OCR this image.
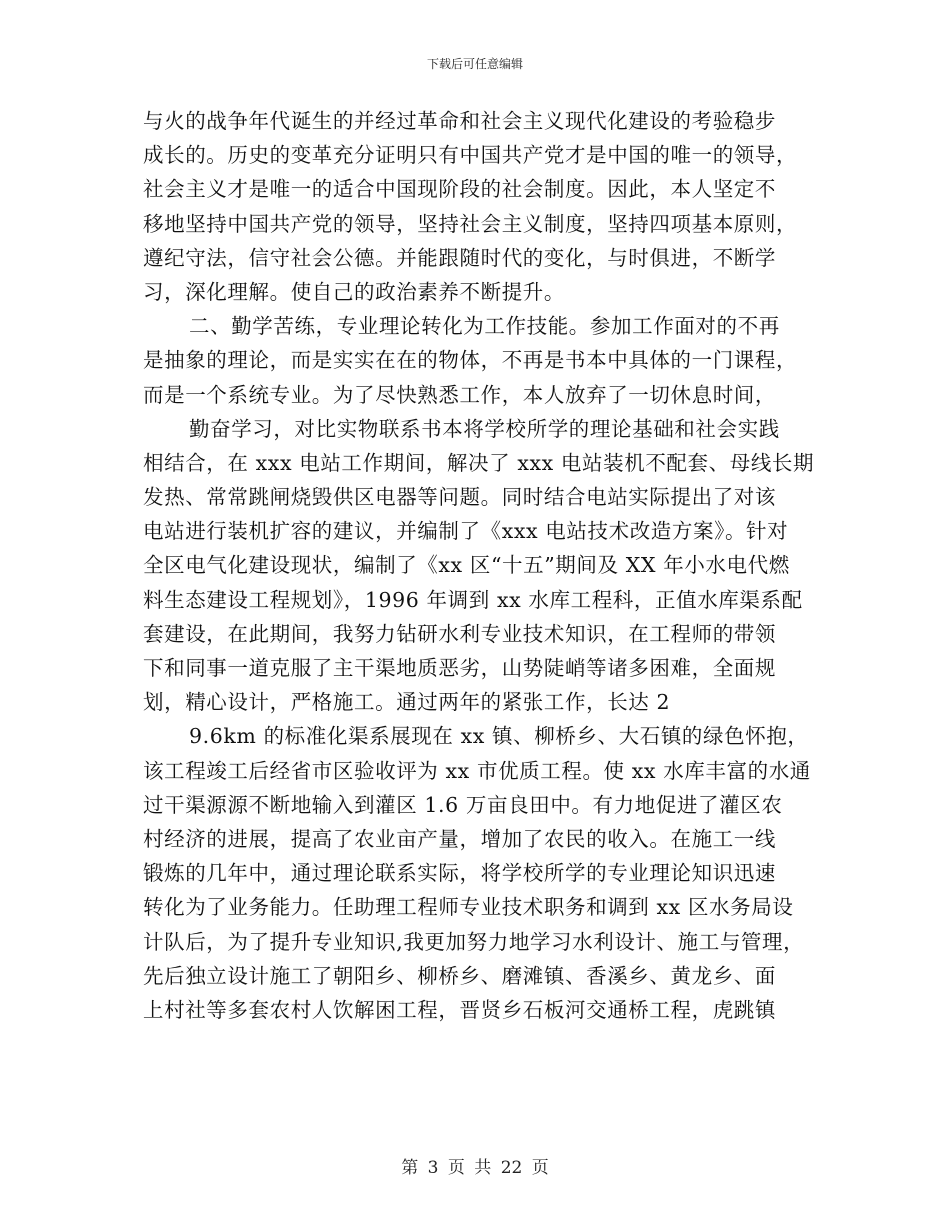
下载后可任意编辑
与火的战争年代诞生的并经过革命和社会主义现代化建设的考验稳步
成长的。历史的变革充分证明只有中国共产党才是中国的唯一的领导，
社会主义才是唯一的适合中国现阶段的社会制度。因此，本人坚定不
移地坚持中国共产党的领导，坚持社会主义制度，坚持四项基本原则，
遵纪守法，信守社会公德。并能跟随时代的变化，与时俱进，不断学
习，深化理解。使自己的政治素养不断提升。
二、勤学苦练，专业理论转化为工作技能。参加工作面对的不再
是抽象的理论，而是实实在在的物体，不再是书本中具体的一门课程，
而是一个系统专业。为了尽快熟悉工作，本人放弃了一切休息时间，
勤奋学习，对比实物联系书本将学校所学的理论基础和社会实践
相结合，在 xxx 电站工作期间，解决了 xxx 电站装机不配套、母线长期
发热、常常跳闸烧毁供区电器等问题。同时结合电站实际提出了对该
电站进行装机扩容的建议，并编制了《xxx 电站技术改造方案》。针对
全区电气化建设现状，编制了《xx 区“十五”期间及 XX 年小水电代燃
料生态建设工程规划》，1996 年调到 xx 水库工程科，正值水库渠系配
套建设，在此期间，我努力钻研水利专业技术知识，在工程师的带领
下和同事一道克服了主干渠地质恶劣，山势陡峭等诸多困难，全面规
划，精心设计，严格施工。通过两年的紧张工作，长达 2
9.6km 的标准化渠系展现在 xx 镇、柳桥乡、大石镇的绿色怀抱，
该工程竣工后经省市区验收评为 xx 市优质工程。使 xx 水库丰富的水通
过干渠源源不断地输入到灌区 1.6 万亩良田中。有力地促进了灌区农
村经济的进展，提高了农业亩产量，增加了农民的收入。在施工一线
锻炼的几年中，通过理论联系实际，将学校所学的专业理论知识迅速
转化为了业务能力。任助理工程师专业技术职务和调到 xx 区水务局设
计队后，为了提升专业知识,我更加努力地学习水利设计、施工与管理，
先后独立设计施工了朝阳乡、柳桥乡、磨滩镇、香溪乡、黄龙乡、面
上村社等多套农村人饮解困工程，晋贤乡石板河交通桥工程，虎跳镇
第 3 页 共 22 页
